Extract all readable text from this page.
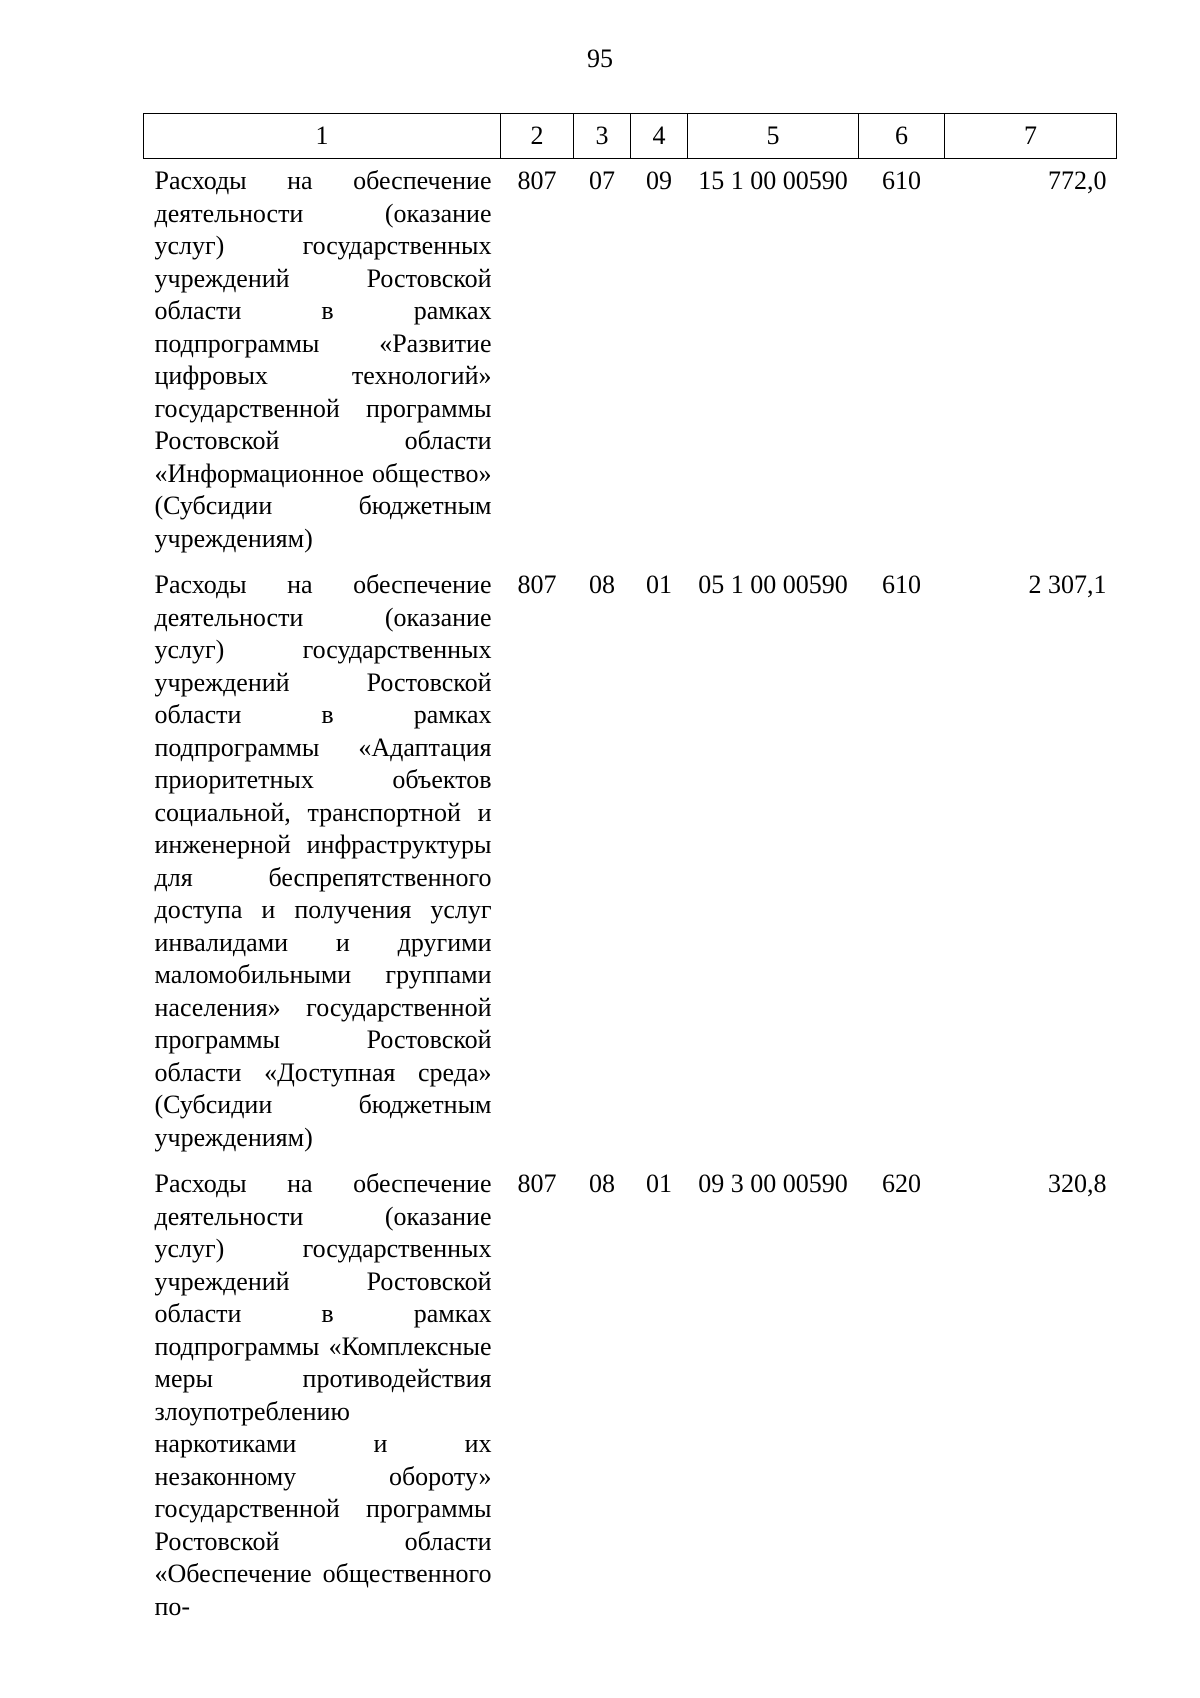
95
1	2	3	4	5	6	7
Расходы на обеспечение деятельности (оказание услуг) государственных учреждений Ростовской области в рамках подпрограммы «Развитие цифровых технологий» государственной программы Ростовской области «Информационное общество» (Субсидии бюджетным учреждениям)	807	07	09	15 1 00 00590	610	772,0
Расходы на обеспечение деятельности (оказание услуг) государственных учреждений Ростовской области в рамках подпрограммы «Адаптация приоритетных объектов социальной, транспортной и инженерной инфраструктуры для беспрепятственного доступа и получения услуг инвалидами и другими маломобильными группами населения» государственной программы Ростовской области «Доступная среда» (Субсидии бюджетным учреждениям)	807	08	01	05 1 00 00590	610	2 307,1
Расходы на обеспечение деятельности (оказание услуг) государственных учреждений Ростовской области в рамках подпрограммы «Комплексные меры противодействия злоупотреблению наркотиками и их незаконному обороту» государственной программы Ростовской области «Обеспечение общественного по-	807	08	01	09 3 00 00590	620	320,8
